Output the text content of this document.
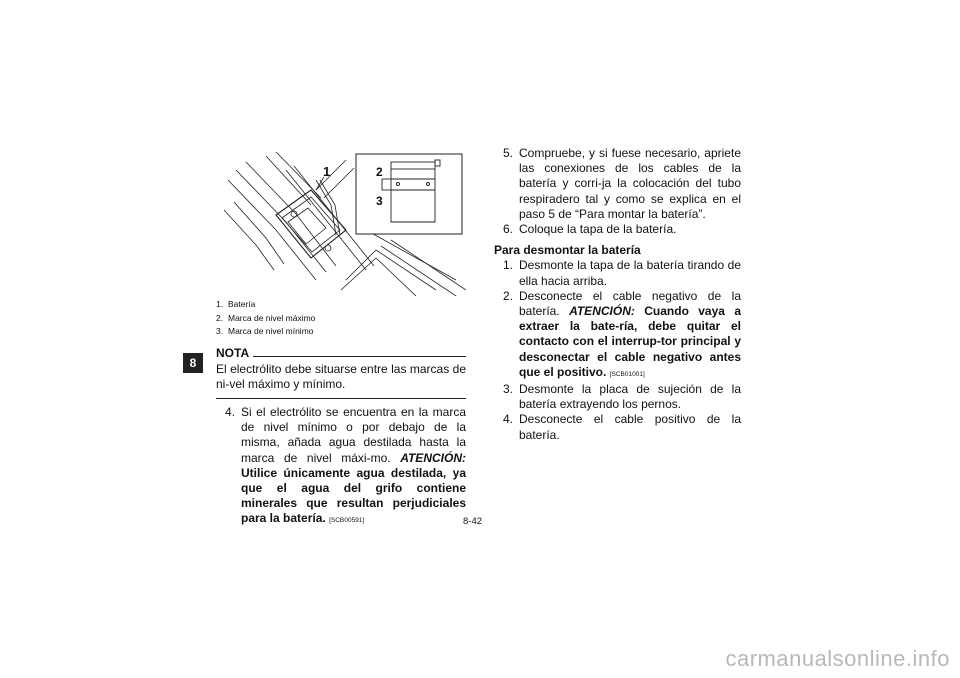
8
1	2
3
1. Batería
2. Marca de nivel máximo
3. Marca de nivel mínimo
NOTA
El electrólito debe situarse entre las marcas de ni-vel máximo y mínimo.
4. Si el electrólito se encuentra en la marca de nivel mínimo o por debajo de la misma, añada agua destilada hasta la marca de nivel máxi-mo. ATENCIÓN: Utilice únicamente agua destilada, ya que el agua del grifo contiene minerales que resultan perjudiciales para la batería. [SCB00591]
5. Compruebe, y si fuese necesario, apriete las conexiones de los cables de la batería y corri-ja la colocación del tubo respiradero tal y como se explica en el paso 5 de “Para montar la batería”.
6. Coloque la tapa de la batería.
Para desmontar la batería
1. Desmonte la tapa de la batería tirando de ella hacia arriba.
2. Desconecte el cable negativo de la batería. ATENCIÓN: Cuando vaya a extraer la bate-ría, debe quitar el contacto con el interrup-tor principal y desconectar el cable negativo antes que el positivo. [SCB01001]
3. Desmonte la placa de sujeción de la batería extrayendo los pernos.
4. Desconecte el cable positivo de la batería.
8-42
carmanualsonline.info
